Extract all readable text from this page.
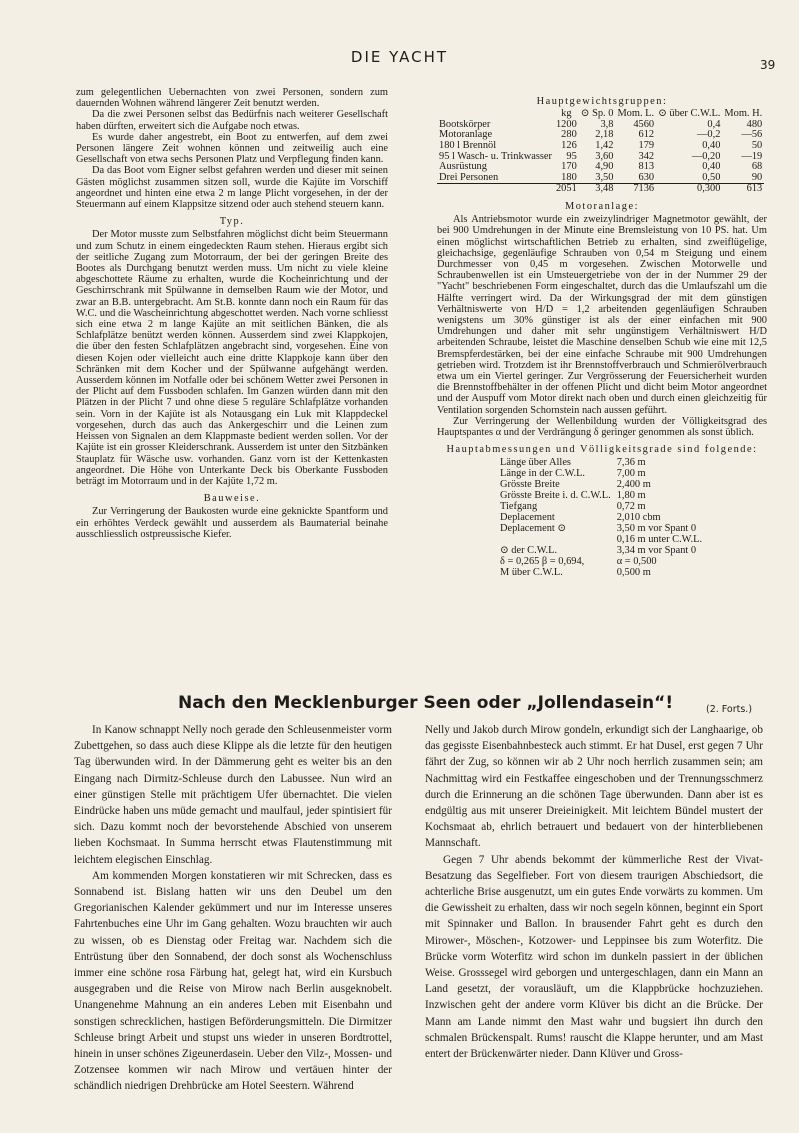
DIE YACHT	39

zum gelegentlichen Uebernachten von zwei Personen, sondern zum dauernden Wohnen während längerer Zeit benutzt werden.

Da die zwei Personen selbst das Bedürfnis nach weiterer Gesellschaft haben dürften, erweitert sich die Aufgabe noch etwas.

Es wurde daher angestrebt, ein Boot zu entwerfen, auf dem zwei Personen längere Zeit wohnen können und zeitweilig auch eine Gesellschaft von etwa sechs Personen Platz und Verpflegung finden kann.

Da das Boot vom Eigner selbst gefahren werden und dieser mit seinen Gästen möglichst zusammen sitzen soll, wurde die Kajüte im Vorschiff angeordnet und hinten eine etwa 2 m lange Plicht vorgesehen, in der der Steuermann auf einem Klappsitze sitzend oder auch stehend steuern kann.

Typ.

Der Motor musste zum Selbstfahren möglichst dicht beim Steuermann und zum Schutz in einem eingedeckten Raum stehen. Hieraus ergibt sich der seitliche Zugang zum Motorraum, der bei der geringen Breite des Bootes als Durchgang benutzt werden muss. Um nicht zu viele kleine abgeschottete Räume zu erhalten, wurde die Kocheinrichtung und der Geschirrschrank mit Spülwanne in demselben Raum wie der Motor, und zwar an B.B. untergebracht. Am St.B. konnte dann noch ein Raum für das W.C. und die Wascheinrichtung abgeschottet werden. Nach vorne schliesst sich eine etwa 2 m lange Kajüte an mit seitlichen Bänken, die als Schlafplätze benützt werden können. Ausserdem sind zwei Klappkojen, die über den festen Schlafplätzen angebracht sind, vorgesehen. Eine von diesen Kojen oder vielleicht auch eine dritte Klappkoje kann über den Schränken mit dem Kocher und der Spülwanne aufgehängt werden. Ausserdem können im Notfalle oder bei schönem Wetter zwei Personen in der Plicht auf dem Fussboden schlafen. Im Ganzen würden dann mit den Plätzen in der Plicht 7 und ohne diese 5 reguläre Schlafplätze vorhanden sein. Vorn in der Kajüte ist als Notausgang ein Luk mit Klappdeckel vorgesehen, durch das auch das Ankergeschirr und die Leinen zum Heissen von Signalen an dem Klappmaste bedient werden sollen. Vor der Kajüte ist ein grosser Kleiderschrank. Ausserdem ist unter den Sitzbänken Stauplatz für Wäsche usw. vorhanden. Ganz vorn ist der Kettenkasten angeordnet. Die Höhe von Unterkante Deck bis Oberkante Fussboden beträgt im Motorraum und in der Kajüte 1,72 m.

Bauweise.

Zur Verringerung der Baukosten wurde eine geknickte Spantform und ein erhöhtes Verdeck gewählt und ausserdem als Baumaterial beinahe ausschliesslich ostpreussische Kiefer.

Hauptgewichtsgruppen:
	kg	⊙ Sp. 0	Mom. L.	⊙ über C.W.L.	Mom. H.
Bootskörper	1200	3,8	4560	0,4	480
Motoranlage	280	2,18	612	—0,2	—56
180 l Brennöl	126	1,42	179	0,40	50
95 l Wasch- u. Trinkwasser	95	3,60	342	—0,20	—19
Ausrüstung	170	4,90	813	0,40	68
Drei Personen	180	3,50	630	0,50	90
	2051	3,48	7136	0,300	613
Motoranlage:

Als Antriebsmotor wurde ein zweizylindriger Magnetmotor gewählt, der bei 900 Umdrehungen in der Minute eine Bremsleistung von 10 PS. hat. Um einen möglichst wirtschaftlichen Betrieb zu erhalten, sind zweiflügelige, gleichachsige, gegenläufige Schrauben von 0,54 m Steigung und einem Durchmesser von 0,45 m vorgesehen. Zwischen Motorwelle und Schraubenwellen ist ein Umsteuergetriebe von der in der Nummer 29 der "Yacht" beschriebenen Form eingeschaltet, durch das die Umlaufszahl um die Hälfte verringert wird. Da der Wirkungsgrad der mit dem günstigen Verhältniswerte von H/D = 1,2 arbeitenden gegenläufigen Schrauben wenigstens um 30% günstiger ist als der einer einfachen mit 900 Umdrehungen und daher mit sehr ungünstigem Verhältniswert H/D arbeitenden Schraube, leistet die Maschine denselben Schub wie eine mit 12,5 Bremspferdestärken, bei der eine einfache Schraube mit 900 Umdrehungen getrieben wird. Trotzdem ist ihr Brennstoffverbrauch und Schmierölverbrauch etwa um ein Viertel geringer. Zur Vergrösserung der Feuersicherheit wurden die Brennstoffbehälter in der offenen Plicht und dicht beim Motor angeordnet und der Auspuff vom Motor direkt nach oben und durch einen gleichzeitig für Ventilation sorgenden Schornstein nach aussen geführt.

Zur Verringerung der Wellenbildung wurden der Völligkeitsgrad des Hauptspantes α und der Verdrängung δ geringer genommen als sonst üblich.

Hauptabmessungen und Völligkeitsgrade sind folgende:
Länge über Alles	7,36 m
Länge in der C.W.L.	7,00 m
Grösste Breite	2,400 m
Grösste Breite i. d. C.W.L.	1,80 m
Tiefgang	0,72 m
Deplacement	2,010 cbm
Deplacement ⊙	3,50 m vor Spant 0
	0,16 m unter C.W.L.
⊙ der C.W.L.	3,34 m vor Spant 0
δ = 0,265 β = 0,694,	α = 0,500
M über C.W.L.	0,500 m
Nach den Mecklenburger Seen oder „Jollendasein“!	(2. Forts.)

In Kanow schnappt Nelly noch gerade den Schleusenmeister vorm Zubettgehen, so dass auch diese Klippe als die letzte für den heutigen Tag überwunden wird. In der Dämmerung geht es weiter bis an den Eingang nach Dirmitz-Schleuse durch den Labussee. Nun wird an einer günstigen Stelle mit prächtigem Ufer übernachtet. Die vielen Eindrücke haben uns müde gemacht und maulfaul, jeder spintisiert für sich. Dazu kommt noch der bevorstehende Abschied von unserem lieben Kochsmaat. In Summa herrscht etwas Flautenstimmung mit leichtem elegischen Einschlag.

Am kommenden Morgen konstatieren wir mit Schrecken, dass es Sonnabend ist. Bislang hatten wir uns den Deubel um den Gregorianischen Kalender gekümmert und nur im Interesse unseres Fahrtenbuches eine Uhr im Gang gehalten. Wozu brauchten wir auch zu wissen, ob es Dienstag oder Freitag war. Nachdem sich die Entrüstung über den Sonnabend, der doch sonst als Wochenschluss immer eine schöne rosa Färbung hat, gelegt hat, wird ein Kursbuch ausgegraben und die Reise von Mirow nach Berlin ausgeknobelt. Unangenehme Mahnung an ein anderes Leben mit Eisenbahn und sonstigen schrecklichen, hastigen Beförderungsmitteln. Die Dirmitzer Schleuse bringt Arbeit und stupst uns wieder in unseren Bordtrottel, hinein in unser schönes Zigeunerdasein. Ueber den Vilz-, Mossen- und Zotzensee kommen wir nach Mirow und vertäuen hinter der schändlich niedrigen Drehbrücke am Hotel Seestern. Während

Nelly und Jakob durch Mirow gondeln, erkundigt sich der Langhaarige, ob das gegisste Eisenbahnbesteck auch stimmt. Er hat Dusel, erst gegen 7 Uhr fährt der Zug, so können wir ab 2 Uhr noch herrlich zusammen sein; am Nachmittag wird ein Festkaffee eingeschoben und der Trennungsschmerz durch die Erinnerung an die schönen Tage überwunden. Dann aber ist es endgültig aus mit unserer Dreieinigkeit. Mit leichtem Bündel mustert der Kochsmaat ab, ehrlich betrauert und bedauert von der hinterbliebenen Mannschaft.

Gegen 7 Uhr abends bekommt der kümmerliche Rest der Vivat-Besatzung das Segelfieber. Fort von diesem traurigen Abschiedsort, die achterliche Brise ausgenutzt, um ein gutes Ende vorwärts zu kommen. Um die Gewissheit zu erhalten, dass wir noch segeln können, beginnt ein Sport mit Spinnaker und Ballon. In brausender Fahrt geht es durch den Mirower-, Möschen-, Kotzower- und Leppinsee bis zum Woterfitz. Die Brücke vorm Woterfitz wird schon im dunkeln passiert in der üblichen Weise. Grosssegel wird geborgen und untergeschlagen, dann ein Mann an Land gesetzt, der vorausläuft, um die Klappbrücke hochzuziehen. Inzwischen geht der andere vorm Klüver bis dicht an die Brücke. Der Mann am Lande nimmt den Mast wahr und bugsiert ihn durch den schmalen Brückenspalt. Rums! rauscht die Klappe herunter, und am Mast entert der Brückenwärter nieder. Dann Klüver und Gross-
